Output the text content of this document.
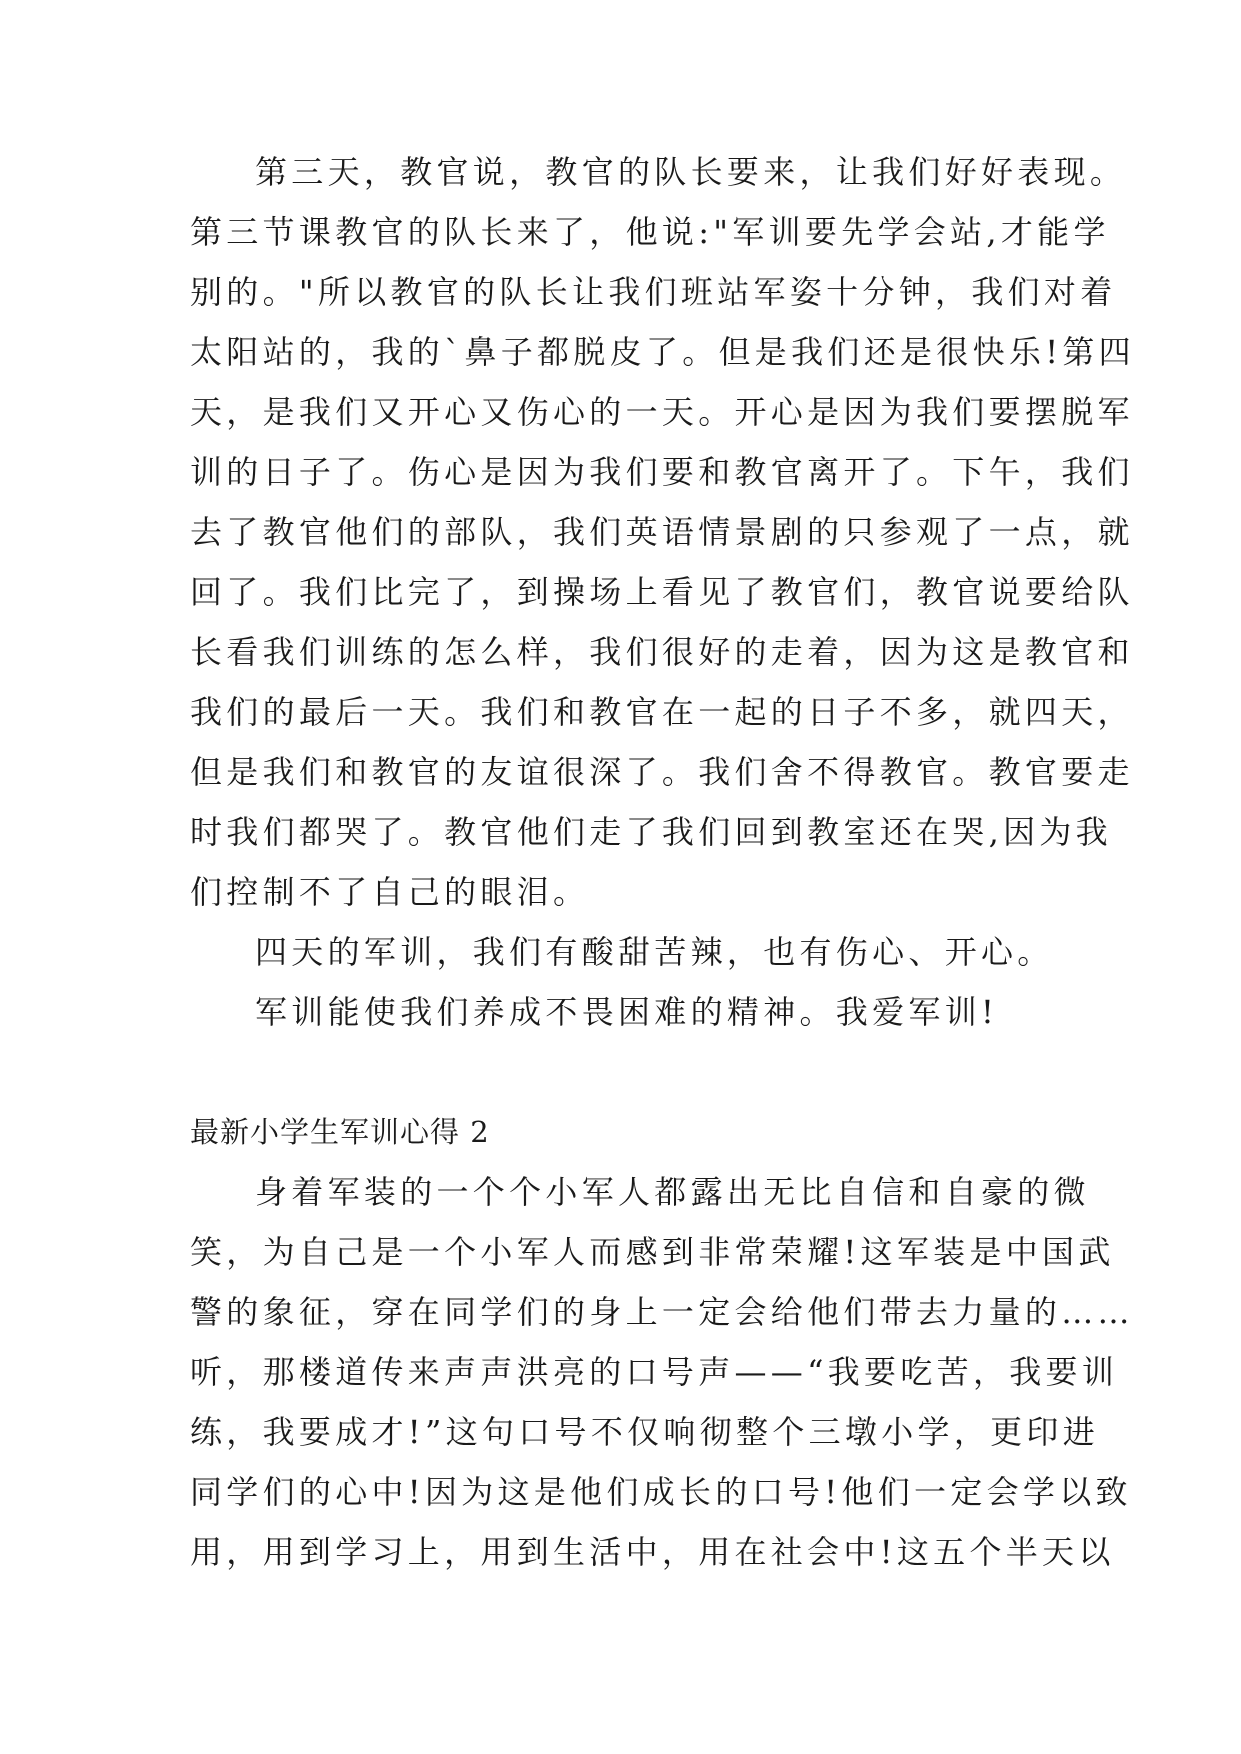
第三天，教官说，教官的队长要来，让我们好好表现。
第三节课教官的队长来了，他说:"军训要先学会站,才能学
别的。"所以教官的队长让我们班站军姿十分钟，我们对着
太阳站的，我的`鼻子都脱皮了。但是我们还是很快乐!第四
天，是我们又开心又伤心的一天。开心是因为我们要摆脱军
训的日子了。伤心是因为我们要和教官离开了。下午，我们
去了教官他们的部队，我们英语情景剧的只参观了一点，就
回了。我们比完了，到操场上看见了教官们，教官说要给队
长看我们训练的怎么样，我们很好的走着，因为这是教官和
我们的最后一天。我们和教官在一起的日子不多，就四天，
但是我们和教官的友谊很深了。我们舍不得教官。教官要走
时我们都哭了。教官他们走了我们回到教室还在哭,因为我
们控制不了自己的眼泪。
四天的军训，我们有酸甜苦辣，也有伤心、开心。
军训能使我们养成不畏困难的精神。我爱军训!
最新小学生军训心得 2
身着军装的一个个小军人都露出无比自信和自豪的微
笑，为自己是一个小军人而感到非常荣耀!这军装是中国武
警的象征，穿在同学们的身上一定会给他们带去力量的……
听，那楼道传来声声洪亮的口号声——“我要吃苦，我要训
练，我要成才!”这句口号不仅响彻整个三墩小学，更印进
同学们的心中!因为这是他们成长的口号!他们一定会学以致
用，用到学习上，用到生活中，用在社会中!这五个半天以
